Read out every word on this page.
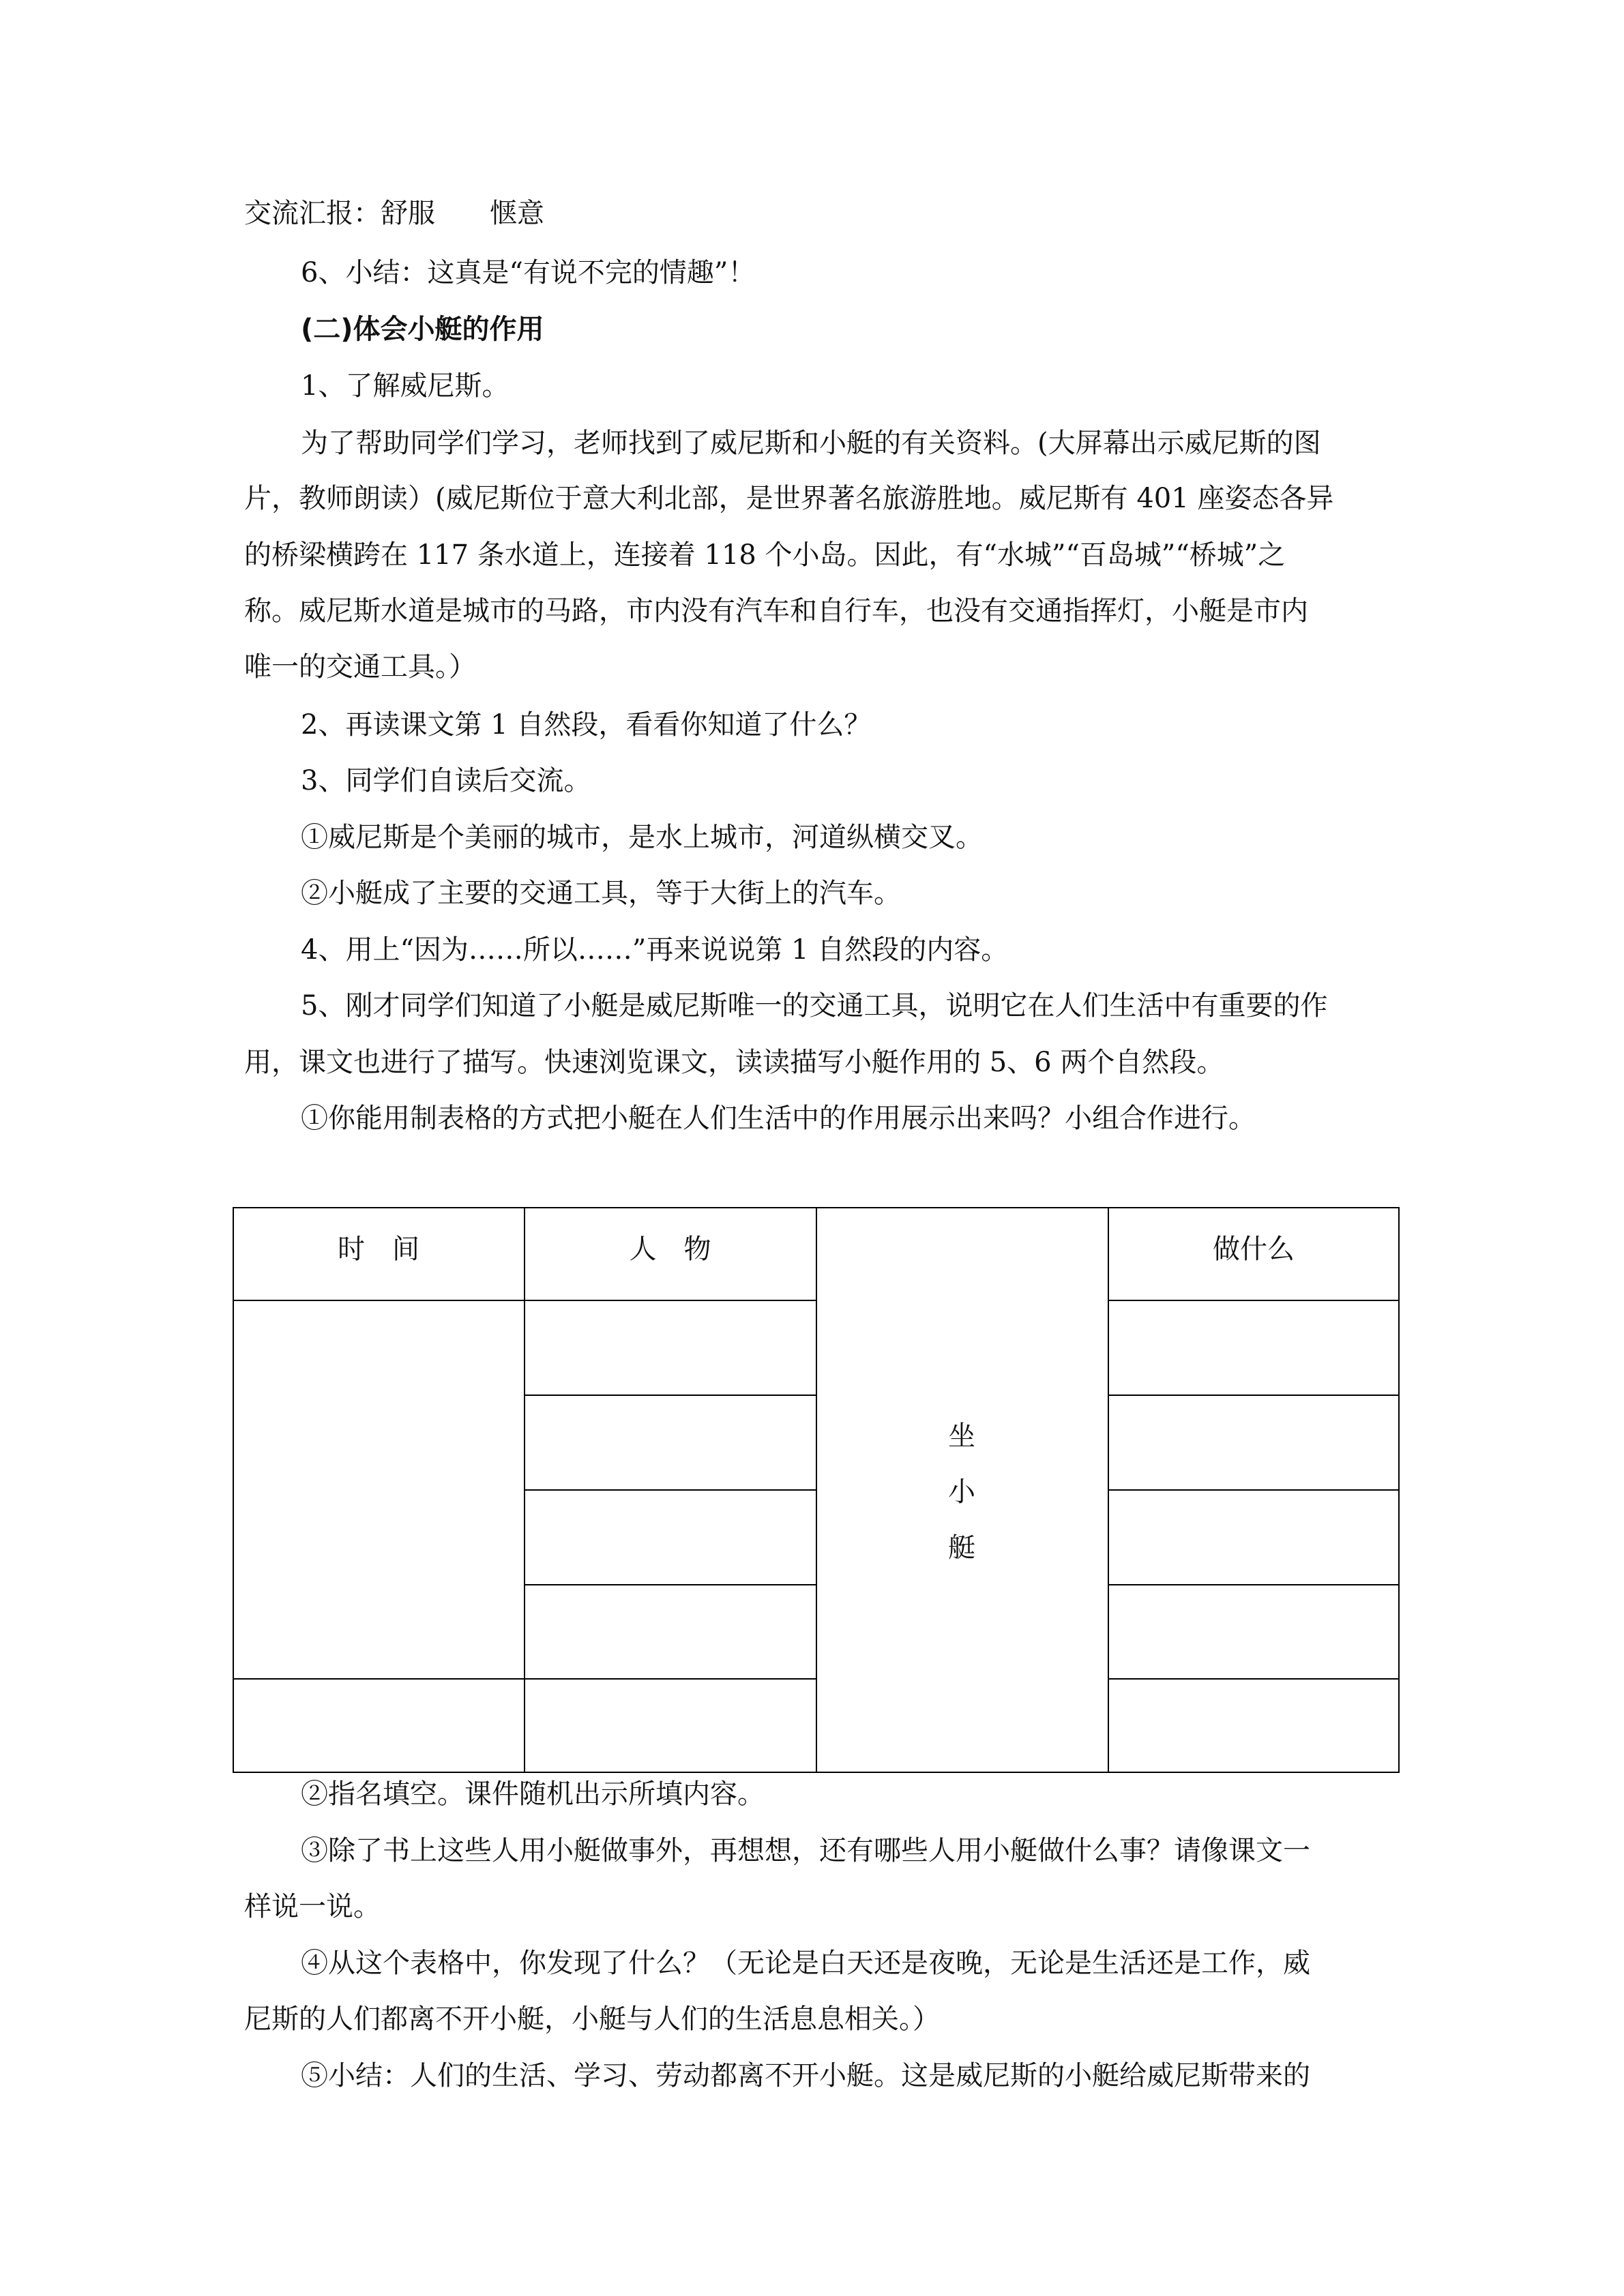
交流汇报：舒服 惬意
6、小结：这真是“有说不完的情趣”！
(二)体会小艇的作用
1、了解威尼斯。
为了帮助同学们学习，老师找到了威尼斯和小艇的有关资料。(大屏幕出示威尼斯的图
片，教师朗读）(威尼斯位于意大利北部，是世界著名旅游胜地。威尼斯有 401 座姿态各异
的桥梁横跨在 117 条水道上，连接着 118 个小岛。因此，有“水城”“百岛城”“桥城”之
称。威尼斯水道是城市的马路，市内没有汽车和自行车，也没有交通指挥灯，小艇是市内
唯一的交通工具。）
2、再读课文第 1 自然段，看看你知道了什么？
3、同学们自读后交流。
①威尼斯是个美丽的城市，是水上城市，河道纵横交叉。
②小艇成了主要的交通工具，等于大街上的汽车。
4、用上“因为……所以……”再来说说第 1 自然段的内容。
5、刚才同学们知道了小艇是威尼斯唯一的交通工具，说明它在人们生活中有重要的作
用，课文也进行了描写。快速浏览课文，读读描写小艇作用的 5、6 两个自然段。
①你能用制表格的方式把小艇在人们生活中的作用展示出来吗？小组合作进行。
时　间	人　物	做什么
坐
小
艇
②指名填空。课件随机出示所填内容。
③除了书上这些人用小艇做事外，再想想，还有哪些人用小艇做什么事？请像课文一
样说一说。
④从这个表格中，你发现了什么？（无论是白天还是夜晚，无论是生活还是工作，威
尼斯的人们都离不开小艇，小艇与人们的生活息息相关。）
⑤小结：人们的生活、学习、劳动都离不开小艇。这是威尼斯的小艇给威尼斯带来的
